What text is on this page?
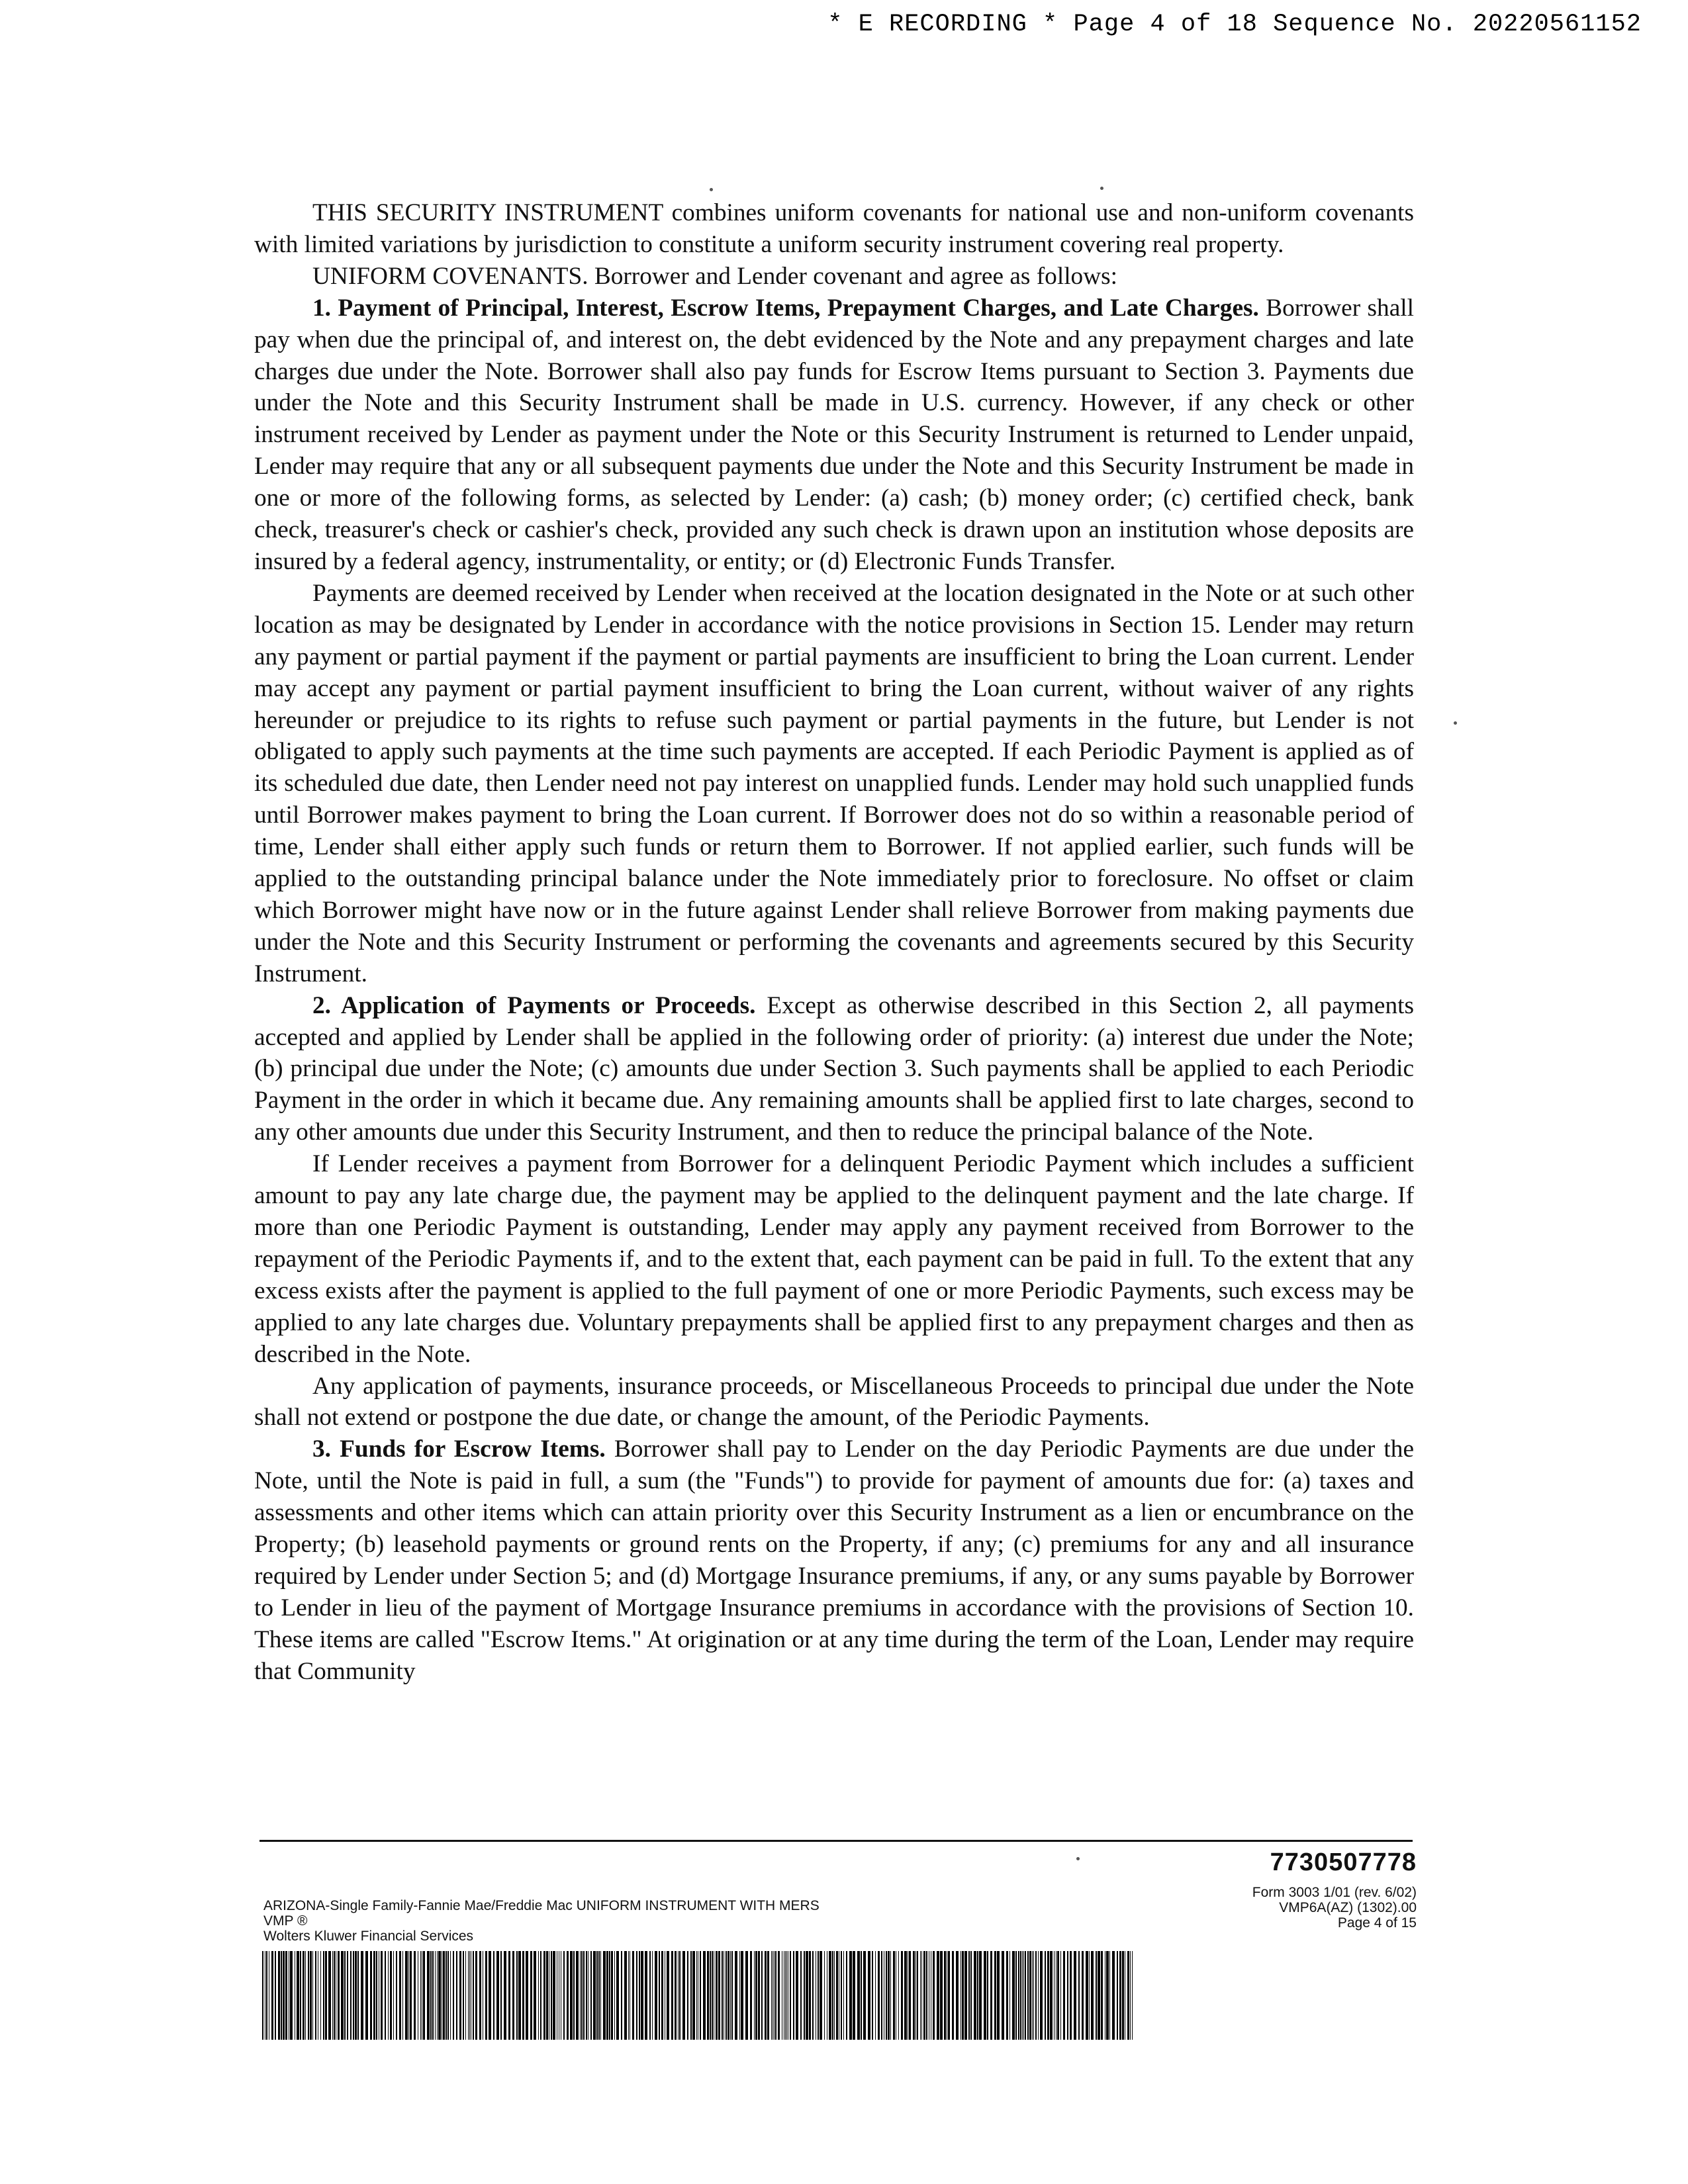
* E RECORDING * Page 4 of 18 Sequence No. 20220561152

THIS SECURITY INSTRUMENT combines uniform covenants for national use and non-uniform covenants with limited variations by jurisdiction to constitute a uniform security instrument covering real property.

UNIFORM COVENANTS. Borrower and Lender covenant and agree as follows:

1. Payment of Principal, Interest, Escrow Items, Prepayment Charges, and Late Charges. Borrower shall pay when due the principal of, and interest on, the debt evidenced by the Note and any prepayment charges and late charges due under the Note. Borrower shall also pay funds for Escrow Items pursuant to Section 3. Payments due under the Note and this Security Instrument shall be made in U.S. currency. However, if any check or other instrument received by Lender as payment under the Note or this Security Instrument is returned to Lender unpaid, Lender may require that any or all subsequent payments due under the Note and this Security Instrument be made in one or more of the following forms, as selected by Lender: (a) cash; (b) money order; (c) certified check, bank check, treasurer's check or cashier's check, provided any such check is drawn upon an institution whose deposits are insured by a federal agency, instrumentality, or entity; or (d) Electronic Funds Transfer.

Payments are deemed received by Lender when received at the location designated in the Note or at such other location as may be designated by Lender in accordance with the notice provisions in Section 15. Lender may return any payment or partial payment if the payment or partial payments are insufficient to bring the Loan current. Lender may accept any payment or partial payment insufficient to bring the Loan current, without waiver of any rights hereunder or prejudice to its rights to refuse such payment or partial payments in the future, but Lender is not obligated to apply such payments at the time such payments are accepted. If each Periodic Payment is applied as of its scheduled due date, then Lender need not pay interest on unapplied funds. Lender may hold such unapplied funds until Borrower makes payment to bring the Loan current. If Borrower does not do so within a reasonable period of time, Lender shall either apply such funds or return them to Borrower. If not applied earlier, such funds will be applied to the outstanding principal balance under the Note immediately prior to foreclosure. No offset or claim which Borrower might have now or in the future against Lender shall relieve Borrower from making payments due under the Note and this Security Instrument or performing the covenants and agreements secured by this Security Instrument.

2. Application of Payments or Proceeds. Except as otherwise described in this Section 2, all payments accepted and applied by Lender shall be applied in the following order of priority: (a) interest due under the Note; (b) principal due under the Note; (c) amounts due under Section 3. Such payments shall be applied to each Periodic Payment in the order in which it became due. Any remaining amounts shall be applied first to late charges, second to any other amounts due under this Security Instrument, and then to reduce the principal balance of the Note.

If Lender receives a payment from Borrower for a delinquent Periodic Payment which includes a sufficient amount to pay any late charge due, the payment may be applied to the delinquent payment and the late charge. If more than one Periodic Payment is outstanding, Lender may apply any payment received from Borrower to the repayment of the Periodic Payments if, and to the extent that, each payment can be paid in full. To the extent that any excess exists after the payment is applied to the full payment of one or more Periodic Payments, such excess may be applied to any late charges due. Voluntary prepayments shall be applied first to any prepayment charges and then as described in the Note.

Any application of payments, insurance proceeds, or Miscellaneous Proceeds to principal due under the Note shall not extend or postpone the due date, or change the amount, of the Periodic Payments.

3. Funds for Escrow Items. Borrower shall pay to Lender on the day Periodic Payments are due under the Note, until the Note is paid in full, a sum (the "Funds") to provide for payment of amounts due for: (a) taxes and assessments and other items which can attain priority over this Security Instrument as a lien or encumbrance on the Property; (b) leasehold payments or ground rents on the Property, if any; (c) premiums for any and all insurance required by Lender under Section 5; and (d) Mortgage Insurance premiums, if any, or any sums payable by Borrower to Lender in lieu of the payment of Mortgage Insurance premiums in accordance with the provisions of Section 10. These items are called "Escrow Items." At origination or at any time during the term of the Loan, Lender may require that Community

7730507778
ARIZONA-Single Family-Fannie Mae/Freddie Mac UNIFORM INSTRUMENT WITH MERS
VMP ®
Wolters Kluwer Financial Services
Form 3003 1/01 (rev. 6/02)
VMP6A(AZ) (1302).00
Page 4 of 15
